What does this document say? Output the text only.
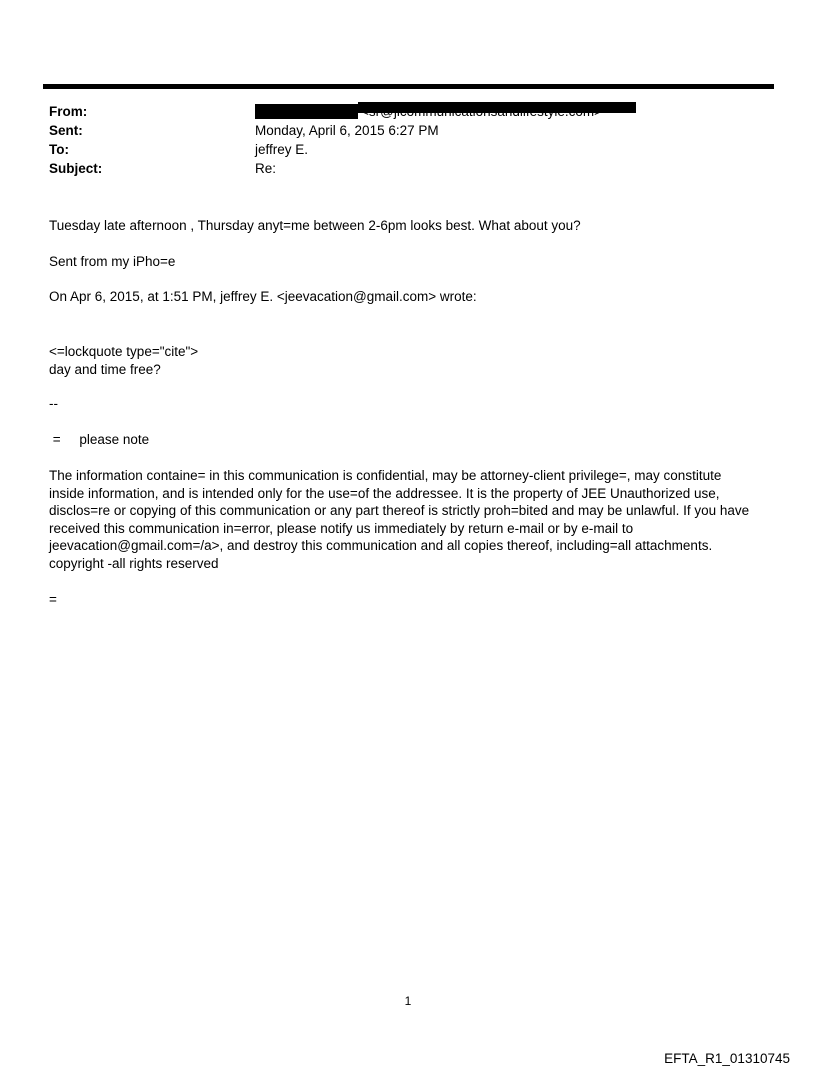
From:
Sent:	Monday, April 6, 2015 6:27 PM
To:	jeffrey E.
Subject:	Re:
Tuesday late afternoon , Thursday anyt=me between 2-6pm looks best. What about you?
Sent from my iPho=e
On Apr 6, 2015, at 1:51 PM, jeffrey E. <jeevacation@gmail.com> wrote:
<=lockquote type="cite">
day and time free?
--
=     please note
The information containe= in this communication is confidential, may be attorney-client privilege=, may constitute
inside information, and is intended only for the use=of the addressee. It is the property of JEE Unauthorized use,
disclos=re or copying of this communication or any part thereof is strictly proh=bited and may be unlawful. If you have
received this communication in=error, please notify us immediately by return e-mail or by e-mail to
jeevacation@gmail.com=/a>, and destroy this communication and all copies thereof, including=all attachments.
copyright -all rights reserved
=
1
EFTA_R1_01310745
